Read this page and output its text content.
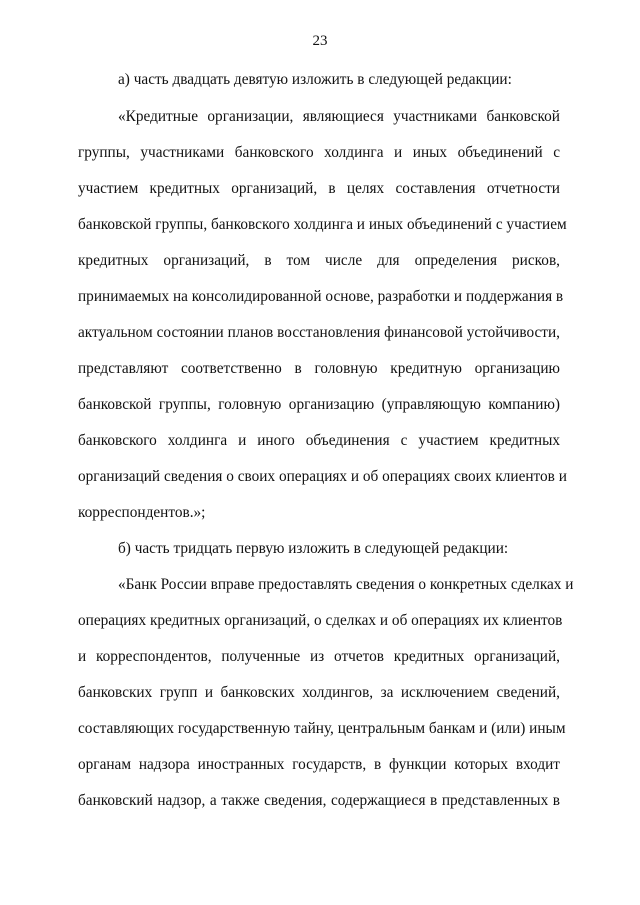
23
а) часть двадцать девятую изложить в следующей редакции:
«Кредитные организации, являющиеся участниками банковской
группы, участниками банковского холдинга и иных объединений с
участием кредитных организаций, в целях составления отчетности
банковской группы, банковского холдинга и иных объединений с участием
кредитных организаций, в том числе для определения рисков,
принимаемых на консолидированной основе, разработки и поддержания в
актуальном состоянии планов восстановления финансовой устойчивости,
представляют соответственно в головную кредитную организацию
банковской группы, головную организацию (управляющую компанию)
банковского холдинга и иного объединения с участием кредитных
организаций сведения о своих операциях и об операциях своих клиентов и
корреспондентов.»;
б) часть тридцать первую изложить в следующей редакции:
«Банк России вправе предоставлять сведения о конкретных сделках и
операциях кредитных организаций, о сделках и об операциях их клиентов
и корреспондентов, полученные из отчетов кредитных организаций,
банковских групп и банковских холдингов, за исключением сведений,
составляющих государственную тайну, центральным банкам и (или) иным
органам надзора иностранных государств, в функции которых входит
банковский надзор, а также сведения, содержащиеся в представленных в
